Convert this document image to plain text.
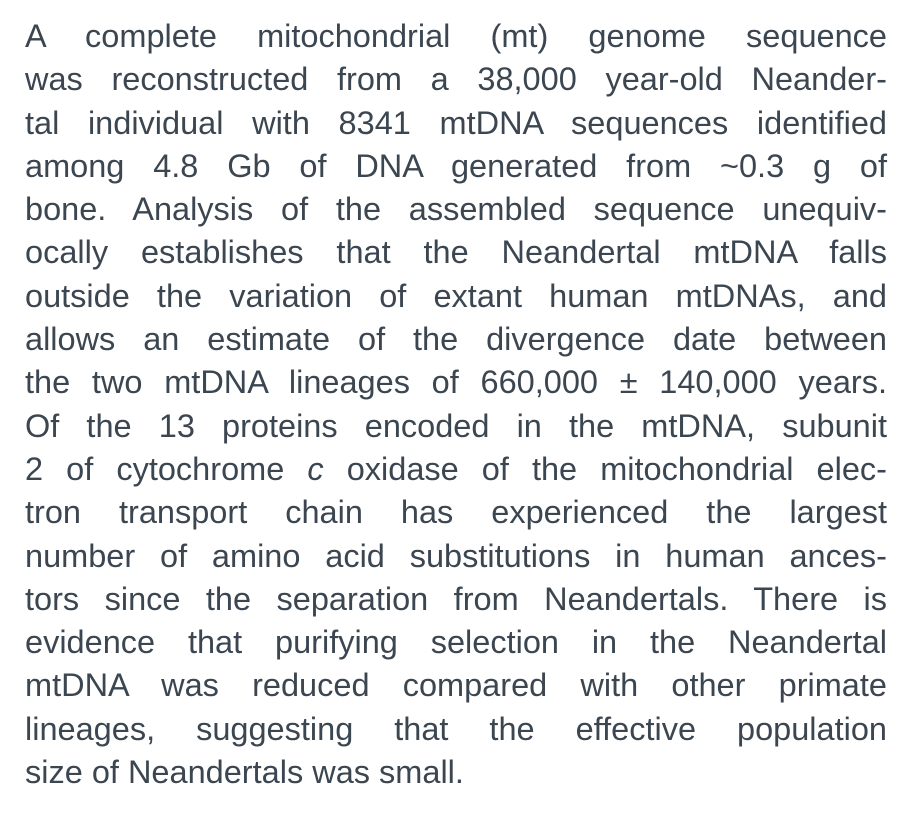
A complete mitochondrial (mt) genome sequence
was reconstructed from a 38,000 year-old Neander-
tal individual with 8341 mtDNA sequences identified
among 4.8 Gb of DNA generated from ~0.3 g of
bone. Analysis of the assembled sequence unequiv-
ocally establishes that the Neandertal mtDNA falls
outside the variation of extant human mtDNAs, and
allows an estimate of the divergence date between
the two mtDNA lineages of 660,000 ± 140,000 years.
Of the 13 proteins encoded in the mtDNA, subunit
2 of cytochrome c oxidase of the mitochondrial elec-
tron transport chain has experienced the largest
number of amino acid substitutions in human ances-
tors since the separation from Neandertals. There is
evidence that purifying selection in the Neandertal
mtDNA was reduced compared with other primate
lineages, suggesting that the effective population
size of Neandertals was small.
